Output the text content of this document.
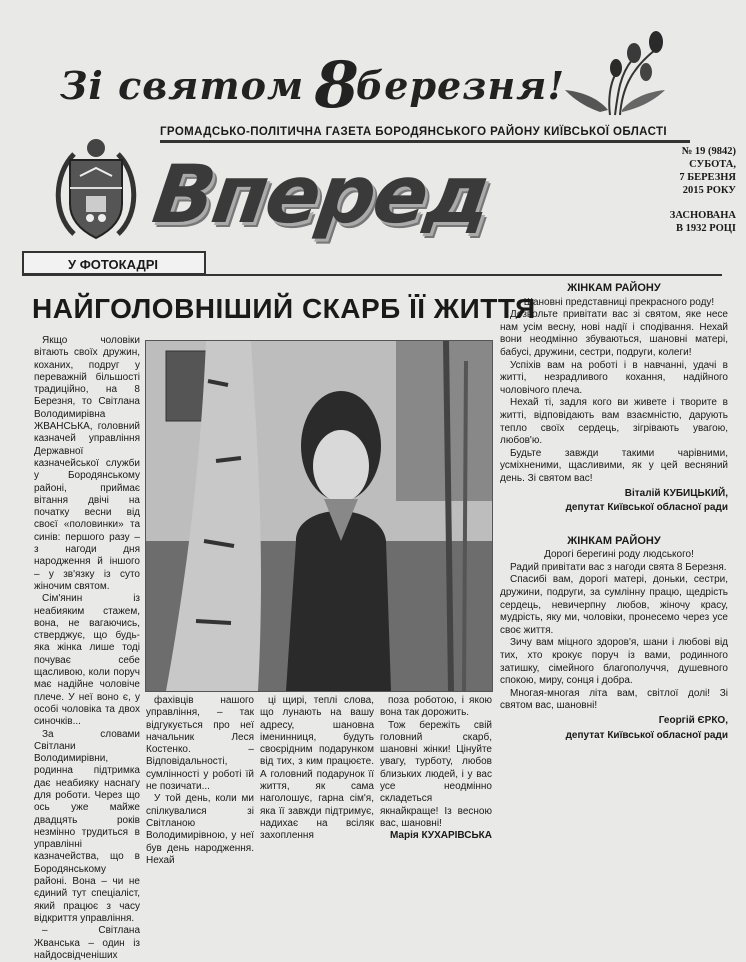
Зі святом 8березня!
ГРОМАДСЬКО-ПОЛІТИЧНА ГАЗЕТА БОРОДЯНСЬКОГО РАЙОНУ КИЇВСЬКОЇ ОБЛАСТІ
Вперед	№ 19 (9842)
СУБОТА,
7 БЕРЕЗНЯ
2015 РОКУ
ЗАСНОВАНА
В 1932 РОЦІ
У ФОТОКАДРІ
НАЙГОЛОВНІШИЙ СКАРБ ЇЇ ЖИТТЯ

Якщо чоловіки вітають своїх дружин, коханих, подруг у переважній більшості традиційно, на 8 Березня, то Світлана Володимирівна ЖВАНСЬКА, головний казначей управління Державної казначейської служби у Бородянському районі, приймає вітання двічі на початку весни від своєї «половинки» та синів: першого разу – з нагоди дня народження й іншого – у зв'язку із суто жіночим святом.

Сім'янин із неабияким стажем, вона, не вагаючись, стверджує, що будь-яка жінка лише тоді почуває себе щасливою, коли поруч має надійне чоловіче плече. У неї воно є, у особі чоловіка та двох синочків...

За словами Світлани Володимирівни, родинна підтримка дає неабияку наснагу для роботи. Через що ось уже майже двадцять років незмінно трудиться в управлінні казначейства, що в Бородянському районі. Вона – чи не єдиний тут спеціаліст, який працює з часу відкриття управління.

– Світлана Жванська – один із найдосвідченіших

фахівців нашого управління, – так відгукується про неї начальник Леся Костенко. – Відповідальності, сумлінності у роботі їй не позичати...

У той день, коли ми спілкувалися зі Світланою Володимирівною, у неї був день народження. Нехай

ці щирі, теплі слова, що лунають на вашу адресу, шановна іменинниця, будуть своєрідним подарунком від тих, з ким працюєте. А головний подарунок її життя, як сама наголошує, гарна сім'я, яка її завжди підтримує, надихає на всіляк захоплення

поза роботою, і якою вона так дорожить.

Тож бережіть свій головний скарб, шановні жінки! Цінуйте увагу, турботу, любов близьких людей, і у вас усе неодмінно складеться якнайкраще! Із весною вас, шановні!

Марія КУХАРІВСЬКА

ЖІНКАМ РАЙОНУ

Шановні представниці прекрасного роду!

Дозвольте привітати вас зі святом, яке несе нам усім весну, нові надії і сподівання. Нехай вони неодмінно збуваються, шановні матері, бабусі, дружини, сестри, подруги, колеги!

Успіхів вам на роботі і в навчанні, удачі в житті, незрадливого кохання, надійного чоловічого плеча.

Нехай ті, задля кого ви живете і творите в житті, відповідають вам взаємністю, дарують тепло своїх сердець, зігрівають увагою, любов'ю.

Будьте завжди такими чарівними, усміхненими, щасливими, як у цей весняний день. Зі святом вас!

Віталій КУБИЦЬКИЙ,

депутат Київської обласної ради

ЖІНКАМ РАЙОНУ

Дорогі берегині роду людського!

Радий привітати вас з нагоди свята 8 Березня.

Спасибі вам, дорогі матері, доньки, сестри, дружини, подруги, за сумлінну працю, щедрість сердець, невичерпну любов, жіночу красу, мудрість, яку ми, чоловіки, пронесемо через усе своє життя.

Зичу вам міцного здоров'я, шани і любові від тих, хто крокує поруч із вами, родинного затишку, сімейного благополуччя, душевного спокою, миру, сонця і добра.

Многая-многая літа вам, світлої долі! Зі святом вас, шановні!

Георгій ЄРКО,

депутат Київської обласної ради
